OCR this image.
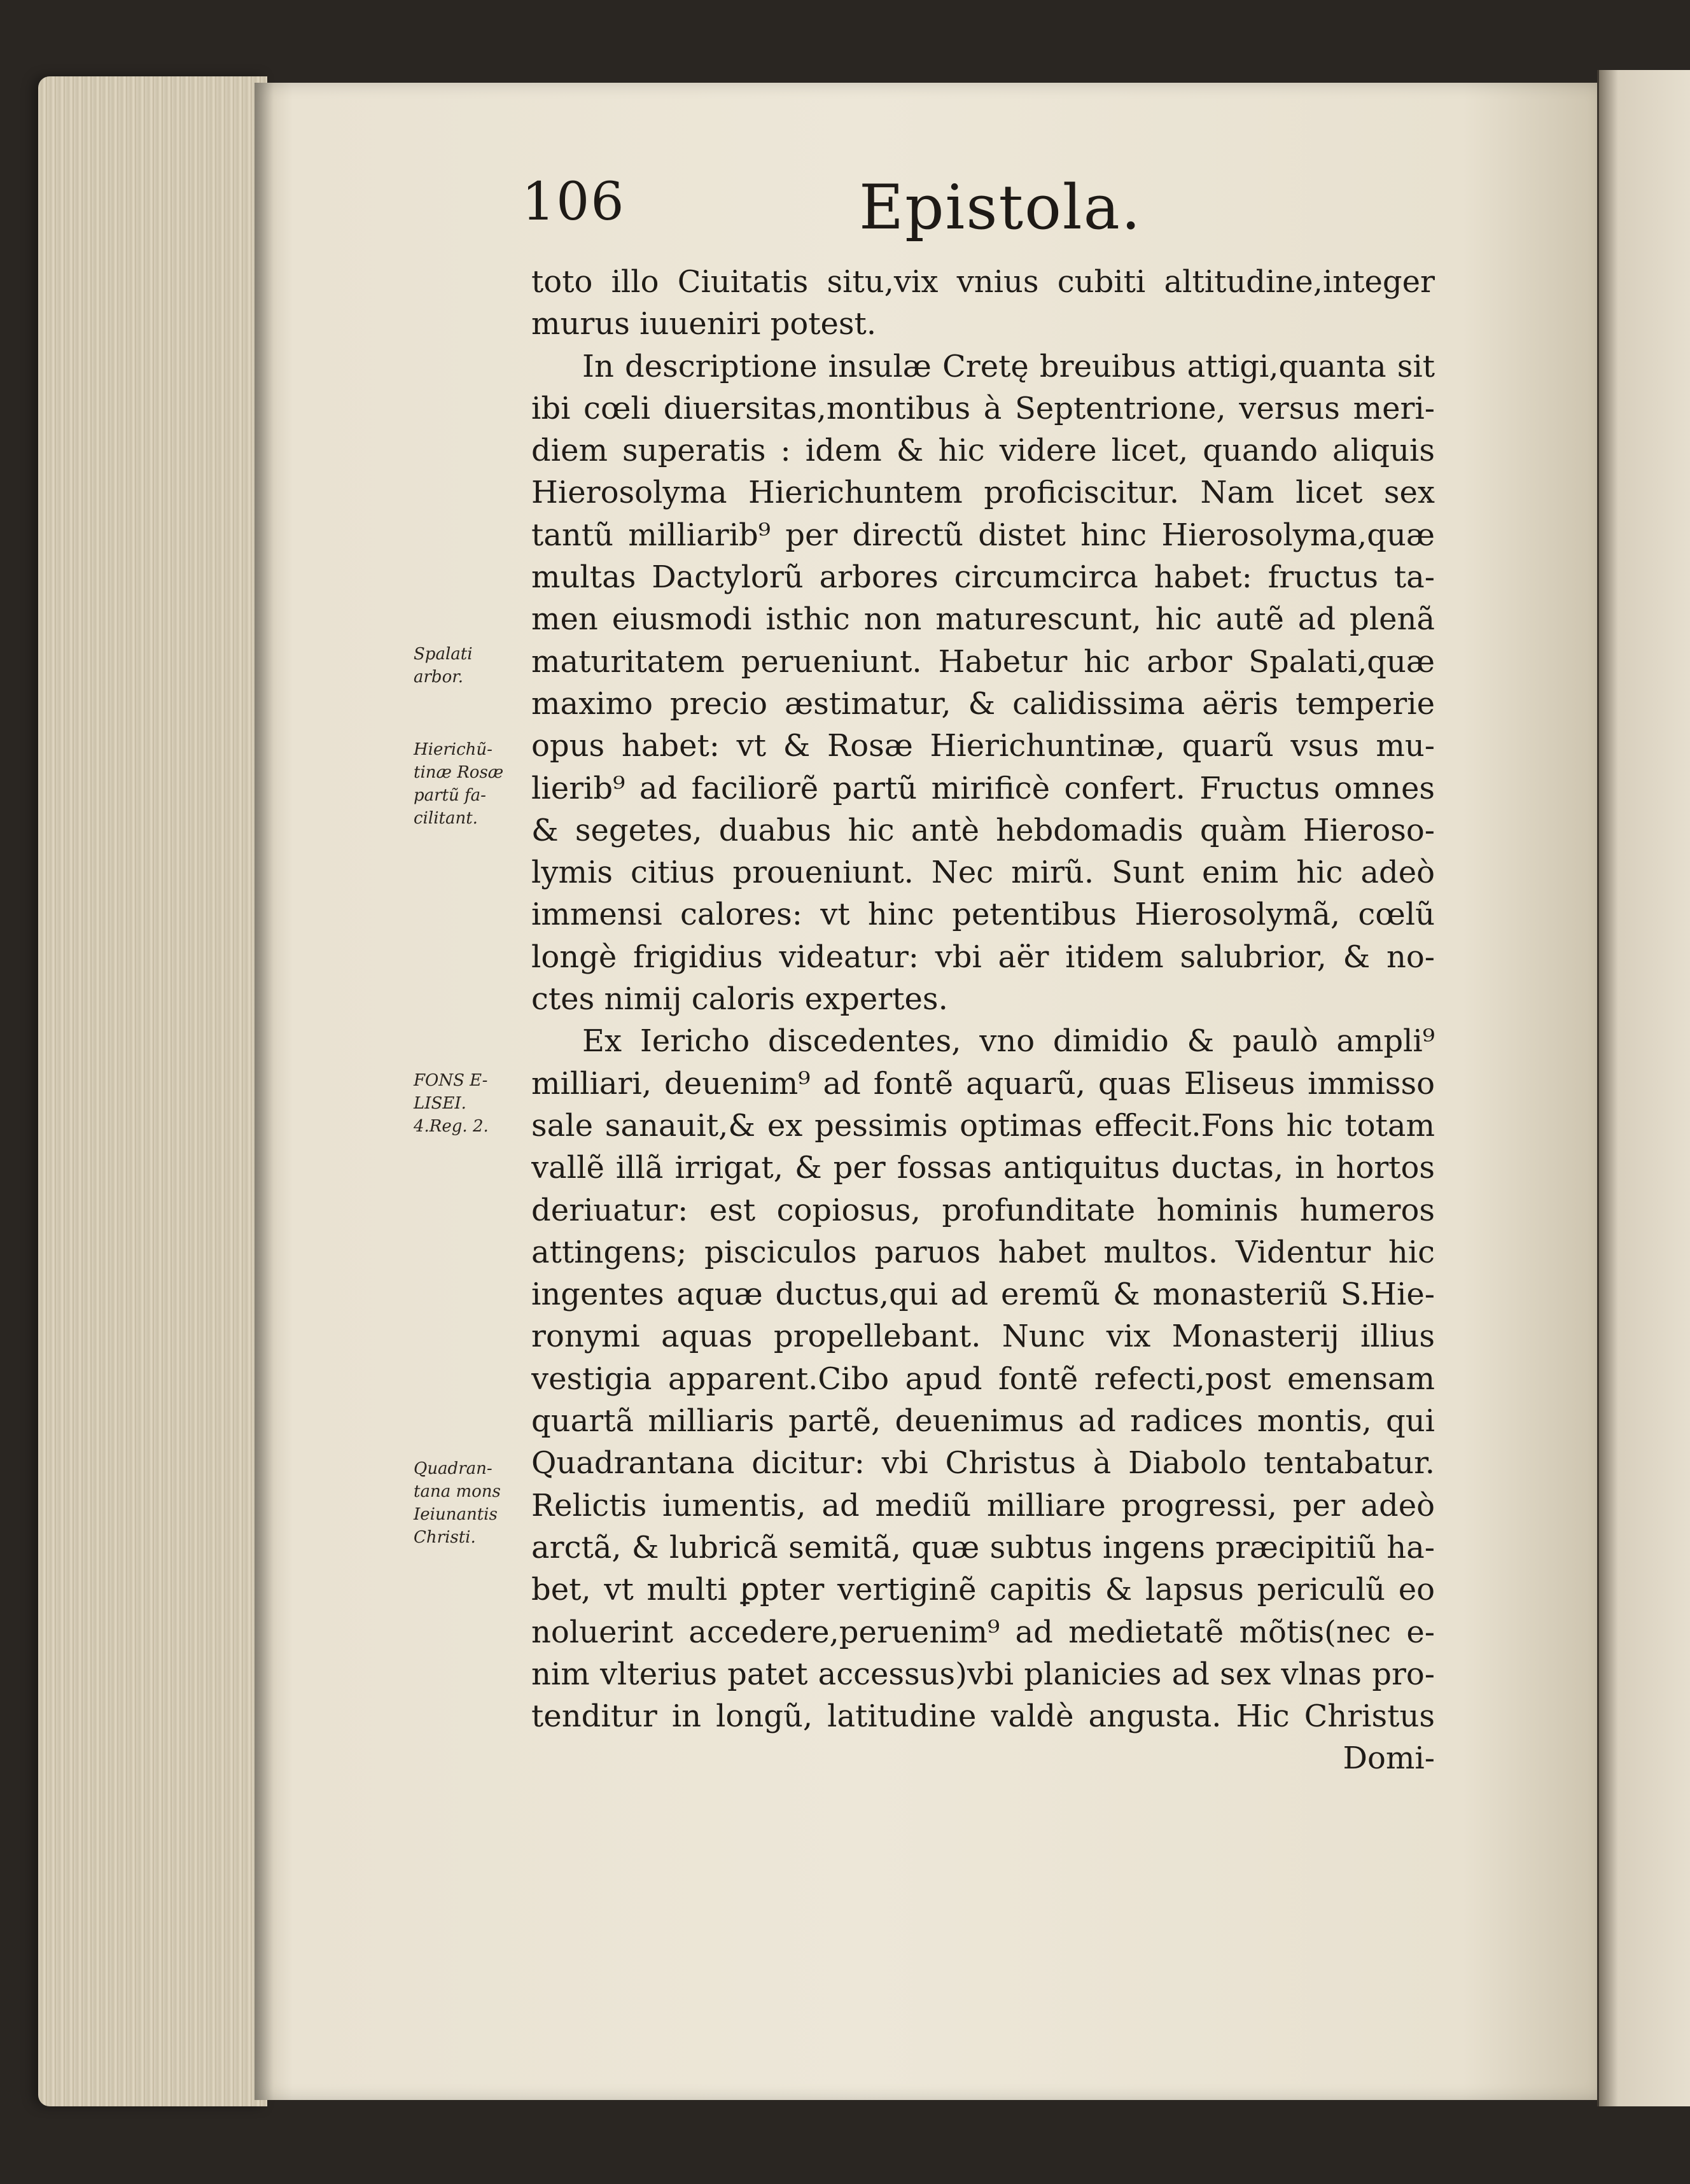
106	Epistola.
toto illo Ciuitatis situ,vix vnius cubiti altitudine,integer
murus iuueniri potest.
In descriptione insulæ Cretę breuibus attigi,quanta sit
ibi cœli diuersitas,montibus à Septentrione, versus meri-
diem superatis : idem & hic videre licet, quando aliquis
Hierosolyma Hierichuntem proficiscitur. Nam licet sex
tantũ milliarib⁹ per directũ distet hinc Hierosolyma,quæ
multas Dactylorũ arbores circumcirca habet: fructus ta-
men eiusmodi isthic non maturescunt, hic autẽ ad plenã
maturitatem perueniunt. Habetur hic arbor Spalati,quæ
maximo precio æstimatur, & calidissima aëris temperie
opus habet: vt & Rosæ Hierichuntinæ, quarũ vsus mu-
lierib⁹ ad faciliorẽ partũ mirificè confert. Fructus omnes
& segetes, duabus hic antè hebdomadis quàm Hieroso-
lymis citius proueniunt. Nec mirũ. Sunt enim hic adeò
immensi calores: vt hinc petentibus Hierosolymã, cœlũ
longè frigidius videatur: vbi aër itidem salubrior, & no-
ctes nimij caloris expertes.
Ex Iericho discedentes, vno dimidio & paulò ampli⁹
milliari, deuenim⁹ ad fontẽ aquarũ, quas Eliseus immisso
sale sanauit,& ex pessimis optimas effecit.Fons hic totam
vallẽ illã irrigat, & per fossas antiquitus ductas, in hortos
deriuatur: est copiosus, profunditate hominis humeros
attingens; pisciculos paruos habet multos. Videntur hic
ingentes aquæ ductus,qui ad eremũ & monasteriũ S.Hie-
ronymi aquas propellebant. Nunc vix Monasterij illius
vestigia apparent.Cibo apud fontẽ refecti,post emensam
quartã milliaris partẽ, deuenimus ad radices montis, qui
Quadrantana dicitur: vbi Christus à Diabolo tentabatur.
Relictis iumentis, ad mediũ milliare progressi, per adeò
arctã, & lubricã semitã, quæ subtus ingens præcipitiũ ha-
bet, vt multi ꝑpter vertiginẽ capitis & lapsus periculũ eo
noluerint accedere,peruenim⁹ ad medietatẽ mõtis(nec e-
nim vlterius patet accessus)vbi planicies ad sex vlnas pro-
tenditur in longũ, latitudine valdè angusta. Hic Christus
Domi-
Spalati
arbor.
Hierichũ-
tinæ Rosæ
partũ fa-
cilitant.
FONS E-
LISEI.
4.Reg. 2.
Quadran-
tana mons
Ieiunantis
Christi.
